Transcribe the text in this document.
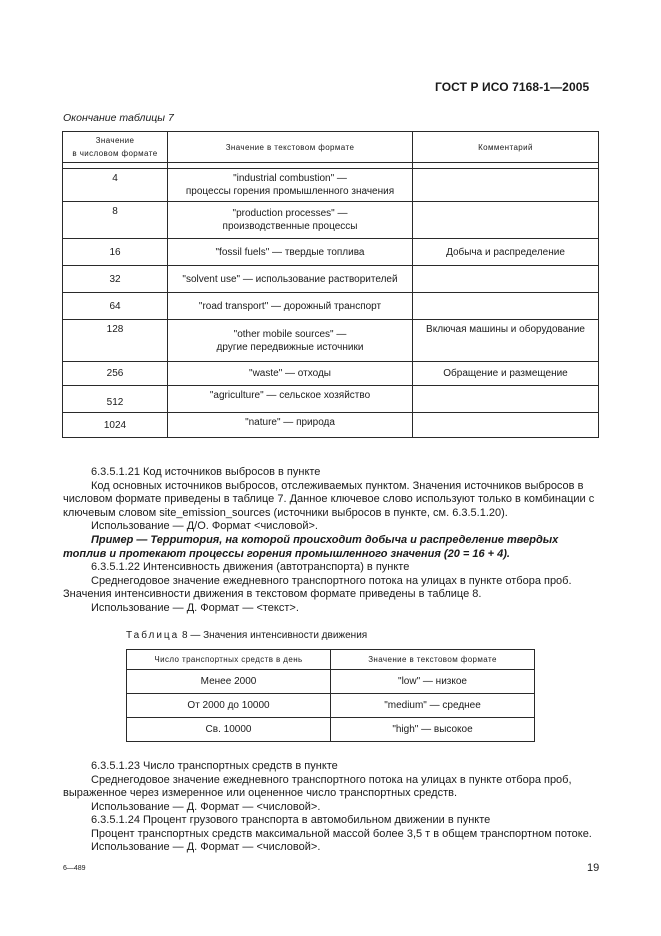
ГОСТ Р ИСО 7168-1—2005
Окончание таблицы 7
Значение
в числовом формате	Значение в текстовом формате	Комментарий

4	"industrial combustion" —
процессы горения промышленного значения	
8	"production processes" —
производственные процессы	
16	"fossil fuels" — твердые топлива	Добыча и распределение
32	"solvent use" — использование растворителей	
64	"road transport" — дорожный транспорт	
128	"other mobile sources" —
другие передвижные источники	Включая машины и оборудование
256	"waste" — отходы	Обращение и размещение
512	"agriculture" — сельское хозяйство	
1024	"nature" — природа	

6.3.5.1.21 Код источников выбросов в пункте

Код основных источников выбросов, отслеживаемых пунктом. Значения источников выбросов в числовом формате приведены в таблице 7. Данное ключевое слово используют только в комбинации с ключевым словом site_emission_sources (источники выбросов в пункте, см. 6.3.5.1.20).

Использование — Д/О. Формат <числовой>.

Пример — Территория, на которой происходит добыча и распределение твердых топлив и протекают процессы горения промышленного значения (20 = 16 + 4).

6.3.5.1.22 Интенсивность движения (автотранспорта) в пункте

Среднегодовое значение ежедневного транспортного потока на улицах в пункте отбора проб. Значения интенсивности движения в текстовом формате приведены в таблице 8.

Использование — Д. Формат — <текст>.

Таблица 8 — Значения интенсивности движения
Число транспортных средств в день	Значение в текстовом формате
Менее 2000	"low" — низкое
От 2000 до 10000	"medium" — среднее
Св. 10000	"high" — высокое

6.3.5.1.23 Число транспортных средств в пункте

Среднегодовое значение ежедневного транспортного потока на улицах в пункте отбора проб, выраженное через измеренное или оцененное число транспортных средств.

Использование — Д. Формат — <числовой>.

6.3.5.1.24 Процент грузового транспорта в автомобильном движении в пункте

Процент транспортных средств максимальной массой более 3,5 т в общем транспортном потоке.

Использование — Д. Формат — <числовой>.

6—489	19
